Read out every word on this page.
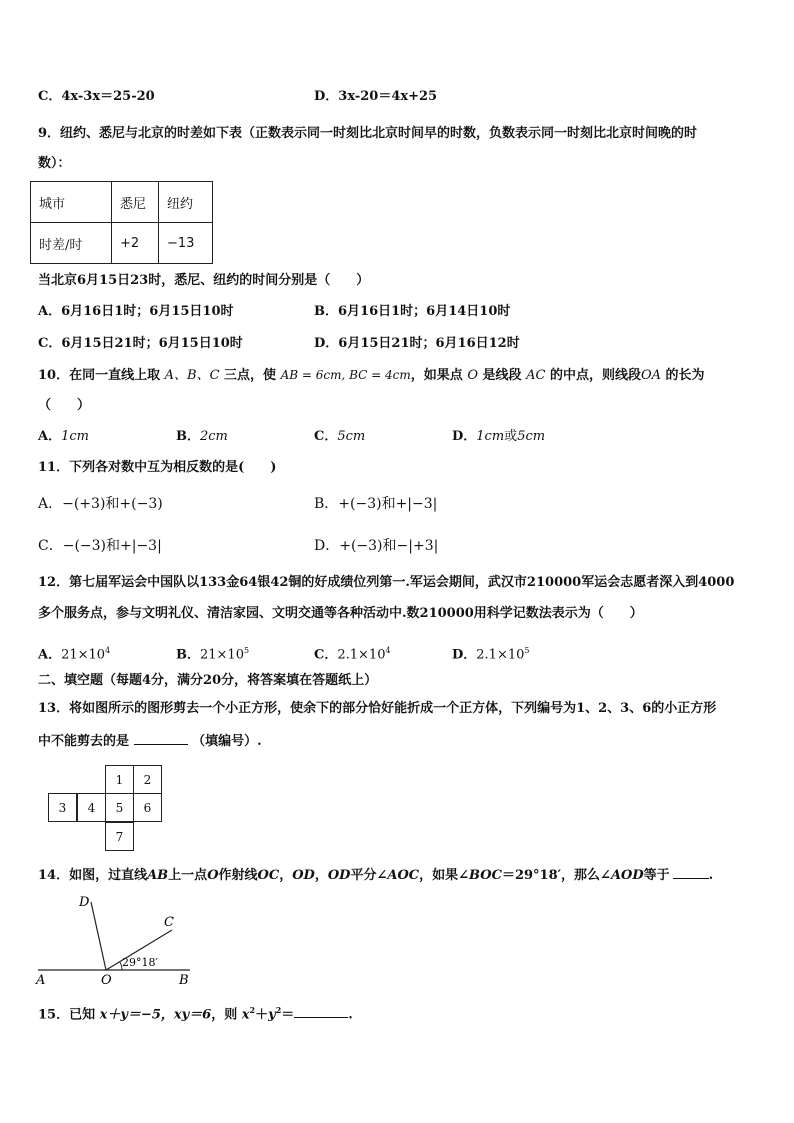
C．4x-3x＝25-20	D．3x-20＝4x+25
9．纽约、悉尼与北京的时差如下表（正数表示同一时刻比北京时间早的时数，负数表示同一时刻比北京时间晚的时
数）：
城市	悉尼	纽约
时差/时	+2	−13
当北京6月15日23时，悉尼、纽约的时间分别是（　　）
A．6月16日1时；6月15日10时	B．6月16日1时；6月14日10时
C．6月15日21时；6月15日10时	D．6月15日21时；6月16日12时
10．在同一直线上取 A、B、C 三点，使 AB = 6cm, BC = 4cm，如果点 O 是线段 AC 的中点，则线段OA 的长为
（　　）
A．1cm	B．2cm	C．5cm	D．1cm或5cm
11．下列各对数中互为相反数的是(　　)
A．−(+3)和+(−3)	B．+(−3)和+|−3|
C．−(−3)和+|−3|	D．+(−3)和−|+3|
12．第七届军运会中国队以133金64银42铜的好成绩位列第一.军运会期间，武汉市210000军运会志愿者深入到4000
多个服务点，参与文明礼仪、清洁家园、文明交通等各种活动中.数210000用科学记数法表示为（　　）
A．$21\times 10^4$	B．$21\times 10^5$	C．$2.1\times 10^4$	D．$2.1\times 10^5$
二、填空题（每题4分，满分20分，将答案填在答题纸上）
13．将如图所示的图形剪去一个小正方形，使余下的部分恰好能折成一个正方体，下列编号为1、2、3、6的小正方形
中不能剪去的是	（填编号）.
1	2
3	4	5	6
7
14．如图，过直线AB上一点O作射线OC，OD，OD平分∠AOC，如果∠BOC＝29°18′，那么∠AOD等于	.
D
C
A	O	B
29°18′
15．已知 x＋y＝−5，xy＝6，则 $x^2+y^2=$	.
